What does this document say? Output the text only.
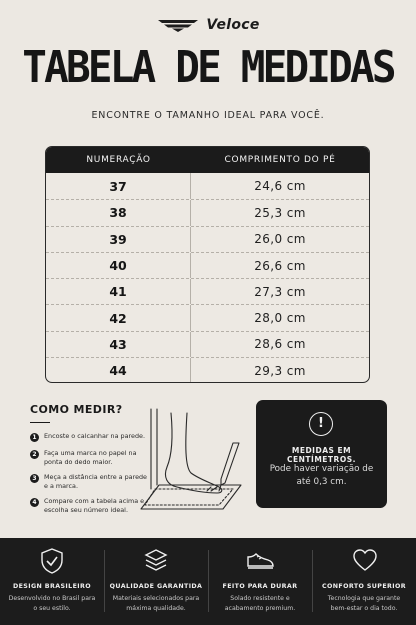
Veloce
TABELA DE MEDIDAS
ENCONTRE O TAMANHO IDEAL PARA VOCÊ.
NUMERAÇÃO	COMPRIMENTO DO PÉ
37	24,6 cm
38	25,3 cm
39	26,0 cm
40	26,6 cm
41	27,3 cm
42	28,0 cm
43	28,6 cm
44	29,3 cm
COMO MEDIR?
1	Encoste o calcanhar na parede.
2	Faça uma marca no papel na ponta do dedo maior.
3	Meça a distância entre a parede e a marca.
4	Compare com a tabela acima e escolha seu número ideal.
!
MEDIDAS EM CENTÍMETROS.
Pode haver variação de até 0,3 cm.
DESIGN BRASILEIRO
Desenvolvido no Brasil para o seu estilo.
QUALIDADE GARANTIDA
Materiais selecionados para máxima qualidade.
FEITO PARA DURAR
Solado resistente e acabamento premium.
CONFORTO SUPERIOR
Tecnologia que garante bem-estar o dia todo.
